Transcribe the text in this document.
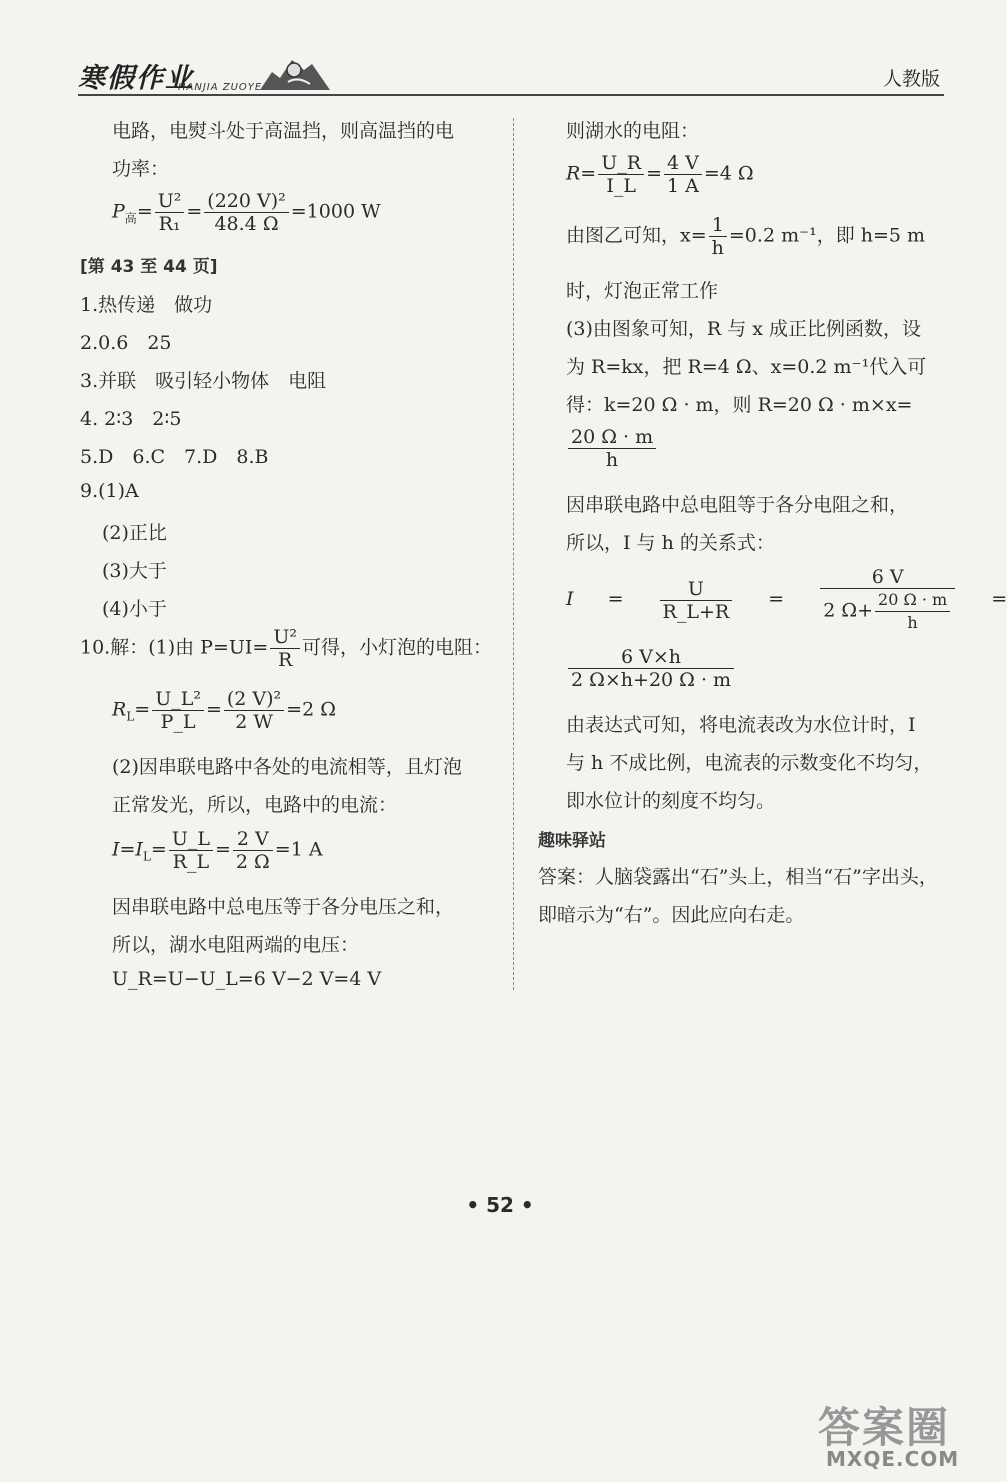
寒假作业
HANJIA ZUOYE	人教版
电路，电熨斗处于高温挡，则高温挡的电
功率：
$P_高= \frac{\text{U²}}{\text{R₁}} = \frac{\text{(220 V)²}}{48.4 \Omega} =1000$ W
[第 43 至 44 页]
1.热传递　做功
2.0.6　25
3.并联　吸引轻小物体　电阻
4. 2∶3　2∶5
5.D　6.C　7.D　8.B
9.(1)A
(2)正比
(3)大于
(4)小于
10.解：(1)由 $P=UI= \frac{\text{U²}}{R}$ 可得，小灯泡的电阻：
$R_L= \frac{\text{U\_L²}}{P\_L} = \frac{\text{(2 V)²}}{2 W} =2$ Ω
(2)因串联电路中各处的电流相等，且灯泡
正常发光，所以，电路中的电流：
$I=I_L= \frac{U\_L}{R\_L} = \frac{2 V}{2 \Omega} =1$ A
因串联电路中总电压等于各分电压之和，
所以，湖水电阻两端的电压：
U_R=U−U_L=6 V−2 V=4 V
则湖水的电阻：
$R= \frac{U\_R}{I\_L} = \frac{4 V}{1 A} =4$ Ω
由图乙可知，$x= \frac{1}{h} =0.2$ m⁻¹，即 h=5 m
时，灯泡正常工作
(3)由图象可知，R 与 x 成正比例函数，设
为 R=kx，把 R=4 Ω、x=0.2 m⁻¹代入可
得：k=20 Ω · m，则 R=20 Ω · m×x=
$\frac{20 \Omega \cdot m}{h}$
因串联电路中总电阻等于各分电阻之和，
所以，I 与 h 的关系式：
$I = \frac{U}{R\_L+R} = \frac{6 V}{2 \Omega+ \frac{20 \Omega \cdot m}{h}}$ =
$\frac{6 V\times h}{2 \Omega\times h+20 \Omega \cdot m}$
由表达式可知，将电流表改为水位计时，I
与 h 不成比例，电流表的示数变化不均匀，
即水位计的刻度不均匀。
趣味驿站
答案：人脑袋露出“石”头上，相当“石”字出头，
即暗示为“右”。因此应向右走。
• 52 •
答案圈
MXQE.COM
